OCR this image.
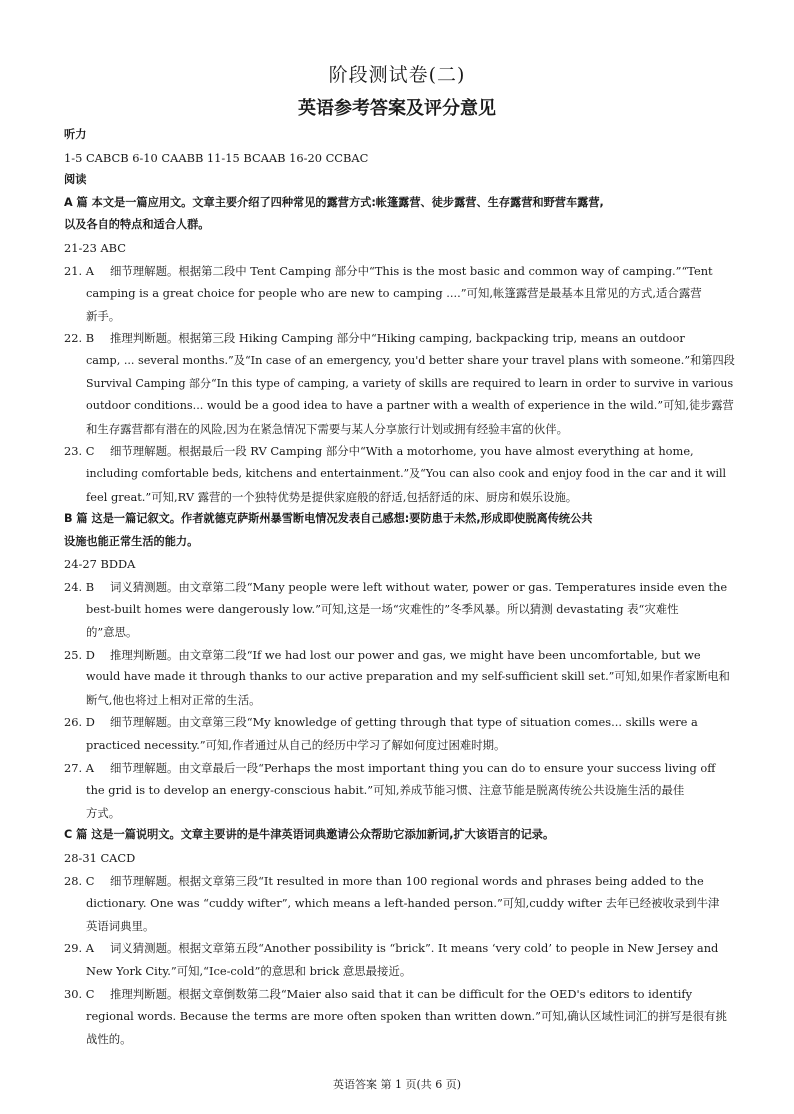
阶段测试卷(二)
英语参考答案及评分意见
听力
1-5 CABCB 6-10 CAABB 11-15 BCAAB 16-20 CCBAC
阅读
A 篇 本文是一篇应用文。文章主要介绍了四种常见的露营方式:帐篷露营、徒步露营、生存露营和野营车露营,
以及各自的特点和适合人群。
21-23 ABC
21. A 细节理解题。根据第二段中 Tent Camping 部分中“This is the most basic and common way of camping.”“Tent
camping is a great choice for people who are new to camping ....”可知,帐篷露营是最基本且常见的方式,适合露营
新手。
22. B 推理判断题。根据第三段 Hiking Camping 部分中“Hiking camping, backpacking trip, means an outdoor
camp, ... several months.”及“In case of an emergency, you'd better share your travel plans with someone.”和第四段
Survival Camping 部分“In this type of camping, a variety of skills are required to learn in order to survive in various
outdoor conditions... would be a good idea to have a partner with a wealth of experience in the wild.”可知,徒步露营
和生存露营都有潜在的风险,因为在紧急情况下需要与某人分享旅行计划或拥有经验丰富的伙伴。
23. C 细节理解题。根据最后一段 RV Camping 部分中“With a motorhome, you have almost everything at home,
including comfortable beds, kitchens and entertainment.”及“You can also cook and enjoy food in the car and it will
feel great.”可知,RV 露营的一个独特优势是提供家庭般的舒适,包括舒适的床、厨房和娱乐设施。
B 篇 这是一篇记叙文。作者就德克萨斯州暴雪断电情况发表自己感想:要防患于未然,形成即使脱离传统公共
设施也能正常生活的能力。
24-27 BDDA
24. B 词义猜测题。由文章第二段“Many people were left without water, power or gas. Temperatures inside even the
best-built homes were dangerously low.”可知,这是一场“灾难性的”冬季风暴。所以猜测 devastating 表“灾难性
的”意思。
25. D 推理判断题。由文章第二段“If we had lost our power and gas, we might have been uncomfortable, but we
would have made it through thanks to our active preparation and my self-sufficient skill set.”可知,如果作者家断电和
断气,他也将过上相对正常的生活。
26. D 细节理解题。由文章第三段“My knowledge of getting through that type of situation comes... skills were a
practiced necessity.”可知,作者通过从自己的经历中学习了解如何度过困难时期。
27. A 细节理解题。由文章最后一段“Perhaps the most important thing you can do to ensure your success living off
the grid is to develop an energy-conscious habit.”可知,养成节能习惯、注意节能是脱离传统公共设施生活的最佳
方式。
C 篇 这是一篇说明文。文章主要讲的是牛津英语词典邀请公众帮助它添加新词,扩大该语言的记录。
28-31 CACD
28. C 细节理解题。根据文章第三段“It resulted in more than 100 regional words and phrases being added to the
dictionary. One was “cuddy wifter”, which means a left-handed person.”可知,cuddy wifter 去年已经被收录到牛津
英语词典里。
29. A 词义猜测题。根据文章第五段“Another possibility is “brick”. It means ‘very cold’ to people in New Jersey and
New York City.”可知,“Ice-cold”的意思和 brick 意思最接近。
30. C 推理判断题。根据文章倒数第二段“Maier also said that it can be difficult for the OED's editors to identify
regional words. Because the terms are more often spoken than written down.”可知,确认区域性词汇的拼写是很有挑
战性的。
英语答案 第 1 页(共 6 页)
